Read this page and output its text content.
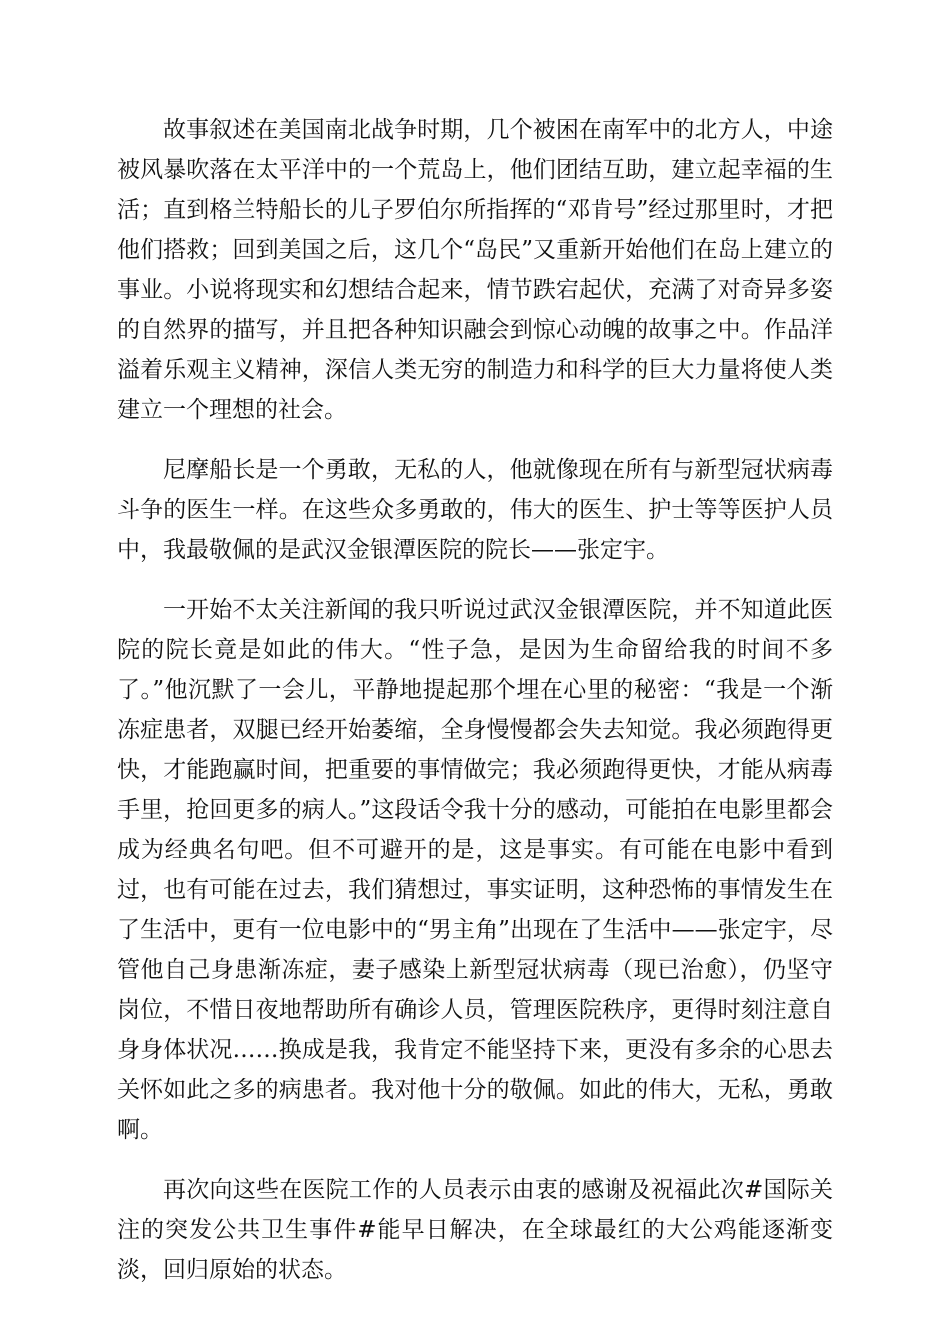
故事叙述在美国南北战争时期，几个被困在南军中的北方人，中途被风暴吹落在太平洋中的一个荒岛上，他们团结互助，建立起幸福的生活；直到格兰特船长的儿子罗伯尔所指挥的“邓肯号”经过那里时，才把他们搭救；回到美国之后，这几个“岛民”又重新开始他们在岛上建立的事业。小说将现实和幻想结合起来，情节跌宕起伏，充满了对奇异多姿的自然界的描写，并且把各种知识融会到惊心动魄的故事之中。作品洋溢着乐观主义精神，深信人类无穷的制造力和科学的巨大力量将使人类建立一个理想的社会。

尼摩船长是一个勇敢，无私的人，他就像现在所有与新型冠状病毒斗争的医生一样。在这些众多勇敢的，伟大的医生、护士等等医护人员中，我最敬佩的是武汉金银潭医院的院长——张定宇。

一开始不太关注新闻的我只听说过武汉金银潭医院，并不知道此医院的院长竟是如此的伟大。“性子急，是因为生命留给我的时间不多了。”他沉默了一会儿，平静地提起那个埋在心里的秘密：“我是一个渐冻症患者，双腿已经开始萎缩，全身慢慢都会失去知觉。我必须跑得更快，才能跑赢时间，把重要的事情做完；我必须跑得更快，才能从病毒手里，抢回更多的病人。”这段话令我十分的感动，可能拍在电影里都会成为经典名句吧。但不可避开的是，这是事实。有可能在电影中看到过，也有可能在过去，我们猜想过，事实证明，这种恐怖的事情发生在了生活中，更有一位电影中的“男主角”出现在了生活中——张定宇，尽管他自己身患渐冻症，妻子感染上新型冠状病毒（现已治愈），仍坚守岗位，不惜日夜地帮助所有确诊人员，管理医院秩序，更得时刻注意自身身体状况……换成是我，我肯定不能坚持下来，更没有多余的心思去关怀如此之多的病患者。我对他十分的敬佩。如此的伟大，无私，勇敢啊。

再次向这些在医院工作的人员表示由衷的感谢及祝福此次#国际关注的突发公共卫生事件#能早日解决，在全球最红的大公鸡能逐渐变淡，回归原始的状态。
